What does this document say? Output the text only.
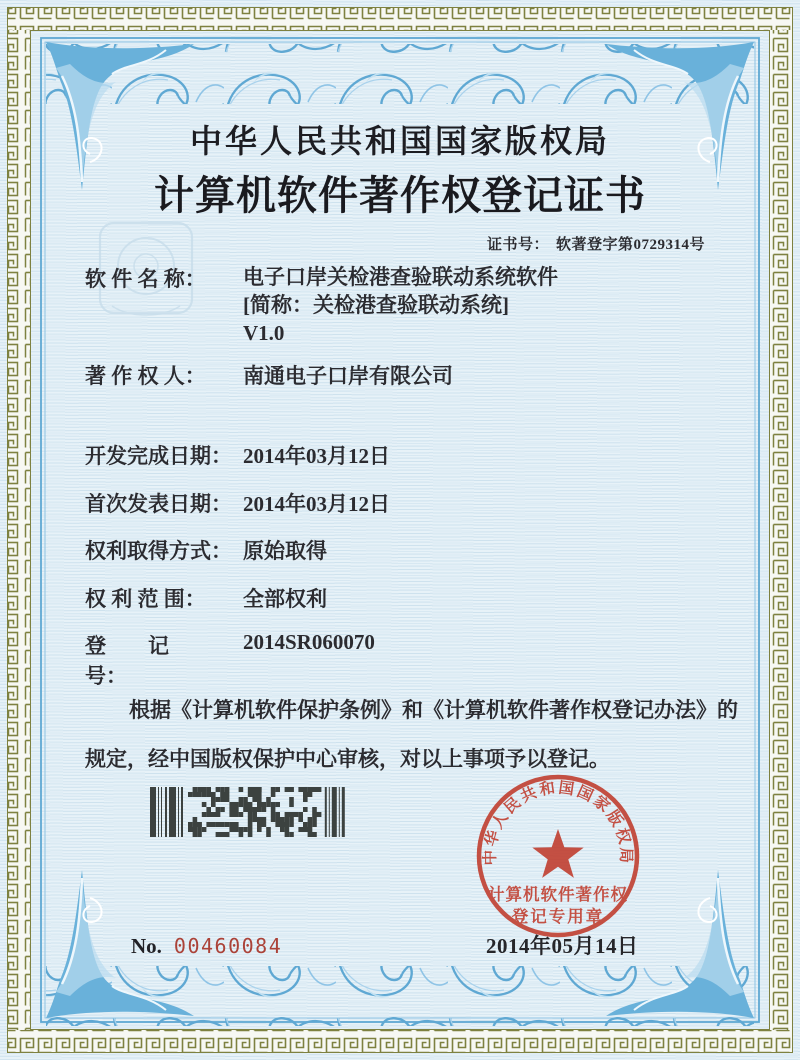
中华人民共和国国家版权局
计算机软件著作权登记证书
证书号： 软著登字第0729314号
软 件 名 称：	电子口岸关检港查验联动系统软件
[简称：关检港查验联动系统]
V1.0
著 作 权 人：	南通电子口岸有限公司
开发完成日期： 2014年03月12日
首次发表日期： 2014年03月12日
权利取得方式： 原始取得
权 利 范 围：	全部权利
登　　记　　号：
2014SR060070

根据《计算机软件保护条例》和《计算机软件著作权登记办法》的规定，经中国版权保护中心审核，对以上事项予以登记。

中华人民共和国国家版权局
计算机软件著作权
登记专用章
2014年05月14日
No. 00460084
